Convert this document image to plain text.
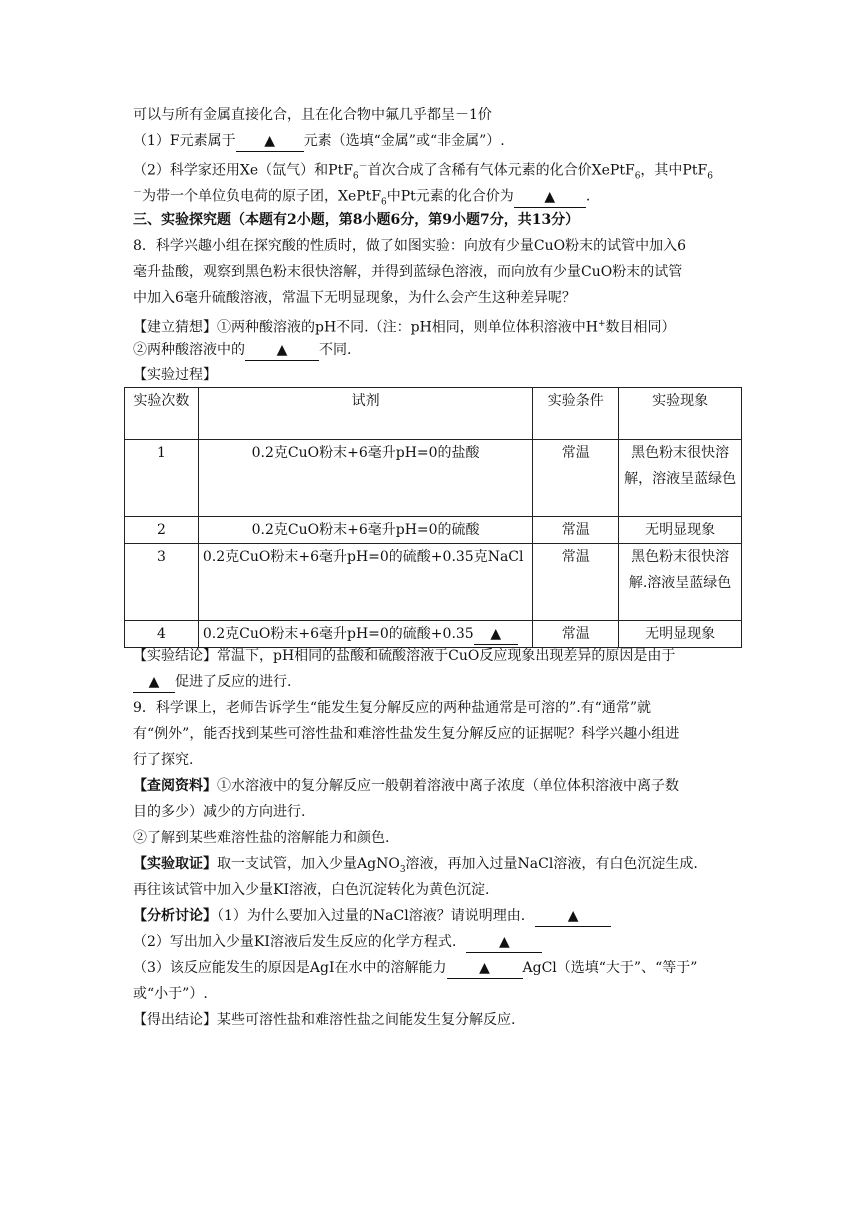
可以与所有金属直接化合，且在化合物中氟几乎都呈－1价
（1）F元素属于 ▲ 元素（选填“金属”或“非金属”）.
（2）科学家还用Xe（氙气）和PtF$_6$－首次合成了含稀有气体元素的化合价XePtF$_6$，其中PtF$_6$
－为带一个单位负电荷的原子团，XePtF$_6$中Pt元素的化合价为 ▲ .
三、实验探究题（本题有2小题，第8小题6分，第9小题7分，共13分）
8．科学兴趣小组在探究酸的性质时，做了如图实验：向放有少量CuO粉末的试管中加入6
毫升盐酸，观察到黑色粉末很快溶解，并得到蓝绿色溶液，而向放有少量CuO粉末的试管
中加入6毫升硫酸溶液，常温下无明显现象，为什么会产生这种差异呢？
【建立猜想】①两种酸溶液的pH不同.（注：pH相同，则单位体积溶液中H+数目相同）
②两种酸溶液中的 ▲ 不同.
【实验过程】
实验次数	试剂	实验条件	实验现象
1	0.2克CuO粉末+6毫升pH=0的盐酸	常温	黑色粉末很快溶解，溶液呈蓝绿色
2	0.2克CuO粉末+6毫升pH=0的硫酸	常温	无明显现象
3	0.2克CuO粉末+6毫升pH=0的硫酸+0.35克NaCl	常温	黑色粉末很快溶解.溶液呈蓝绿色
4	0.2克CuO粉末+6毫升pH=0的硫酸+0.35 ▲	常温	无明显现象
【实验结论】常温下，pH相同的盐酸和硫酸溶液于CuO反应现象出现差异的原因是由于
▲ 促进了反应的进行.
9．科学课上，老师告诉学生“能发生复分解反应的两种盐通常是可溶的”.有“通常”就
有“例外”，能否找到某些可溶性盐和难溶性盐发生复分解反应的证据呢？科学兴趣小组进
行了探究.
【查阅资料】①水溶液中的复分解反应一般朝着溶液中离子浓度（单位体积溶液中离子数
目的多少）减少的方向进行.
②了解到某些难溶性盐的溶解能力和颜色.
【实验取证】取一支试管，加入少量AgNO$_3$溶液，再加入过量NaCl溶液，有白色沉淀生成.
再往该试管中加入少量KI溶液，白色沉淀转化为黄色沉淀.
【分析讨论】（1）为什么要加入过量的NaCl溶液？请说明理由.	▲
（2）写出加入少量KI溶液后发生反应的化学方程式.	▲
（3）该反应能发生的原因是AgI在水中的溶解能力 ▲ AgCl（选填“大于”、“等于”
或“小于”）.
【得出结论】某些可溶性盐和难溶性盐之间能发生复分解反应.
